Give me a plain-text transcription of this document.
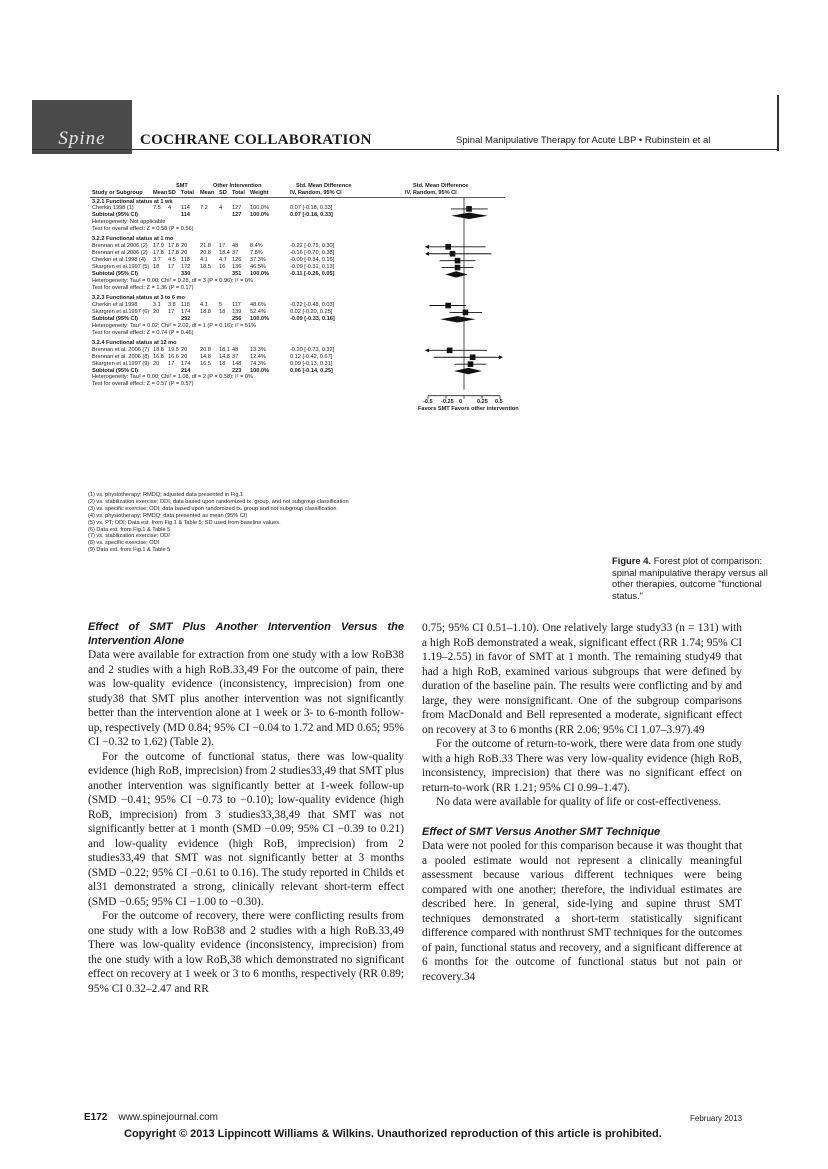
Spine COCHRANE COLLABORATION	Spinal Manipulative Therapy for Acute LBP • Rubinstein et al
SMT	Other Intervention	Std. Mean Difference	Std. Mean Difference
Study or Subgroup Mean SD Total Mean SD Total Weight	IV, Random, 95% CI	IV, Random, 95% CI
3.2.1 Functional status at 1 wk
Cherkin 1998 (1)	7.5 4 114 7.2 4 127 100.0%	0.07 [-0.18, 0.33]
Subtotal (95% CI)	114	127 100.0%	0.07 [-0.18, 0.33]
Heterogeneity: Not applicable
Test for overall effect: Z = 0.58 (P = 0.56)
3.2.2 Functional status at 1 mo
Brennan et al.2006 (2) 17.9 17.8 20 21.8 17 48 8.4%	-0.22 [-0.75, 0.30]
Brennan et al.2006 (2) 17.8 17.8 20 20.8 18.4 37 7.8%	-0.16 [-0.70, 0.38]
Cherkin et al.1998 (4) 3.7 4.5 118 4.1 4.7 126 37.3%	-0.09 [-0.34, 0.16]
Skargren et al.1997 (5) 18 17 172 18.5 16 136 46.5%	-0.09 [-0.31, 0.13]
Subtotal (95% CI)	330	351 100.0%	-0.11 [-0.26, 0.05]
Heterogeneity: Tau² = 0.00; Chi² = 0.28, df = 3 (P = 0.96); I² = 0%
Test for overall effect: Z = 1.36 (P = 0.17)
3.2.3 Functional status at 3 to 6 mo
Cherkin et al.1998	3.1 3.8 118 4.1 5 117 48.6%	-0.22 [-0.48, 0.03]
Skargren et al.1997 (6) 20 17 174 18.8 18 139 52.4%	0.02 [-0.20, 0.25]
Subtotal (95% CI)	292	256 100.0%	-0.09 [-0.33, 0.16]
Heterogeneity: Tau² = 0.02; Chi² = 2.02, df = 1 (P = 0.16); I² = 51%
Test for overall effect: Z = 0.74 (P = 0.46)
3.2.4 Functional status at 12 mo
Brennan et al. 2006 (7) 18.8 19.5 20 20.8 18.1 48 13.3%	-0.20 [-0.73, 0.32]
Brennan et al. 2006 (8) 16.8 16.6 20 14.8 14.8 37 12.4%	0.12 [-0.42, 0.67]
Skargren et al.1997 (9) 20 17 174 16.5 18 148 74.3%	0.09 [-0.13, 0.31]
Subtotal (95% CI)	214	223 100.0%	0.06 [-0.14, 0.25]
Heterogeneity: Tau² = 0.00; Chi² = 1.08, df = 2 (P = 0.58); I² = 0%
Test for overall effect: Z = 0.57 (P = 0.57)
-0.5 -0.25 0	0.25 0.5
Favors SMT Favors other intervention
(1) vs. physiotherapy; RMDQ; adjusted data presented in Fig.1
(2) vs. stabilization exercise; ODI; data based upon randomized tx. group, and not subgroup classification
(3) vs. specific exercise; ODI; data based upon randomized tx. group and not subgroup classification
(4) vs. physiotherapy; RMDQ; data presented as mean (95% CI)
(5) vs. PT; ODI; Data est. from Fig.1 & Table 5; SD used from baseline values.
(6) Data est. from Fig.1 & Table 5
(7) vs. stabilization exercise; ODI
(8) vs. specific exercise; ODI
(9) Data est. from Fig.1 & Table 5
Figure 4. Forest plot of comparison: spinal manipulative therapy versus all other therapies, outcome "functional status."
Effect of SMT Plus Another Intervention Versus the Intervention Alone

Data were available for extraction from one study with a low RoB38 and 2 studies with a high RoB.33,49 For the outcome of pain, there was low-quality evidence (inconsistency, imprecision) from one study38 that SMT plus another intervention was not significantly better than the intervention alone at 1 week or 3- to 6-month follow-up, respectively (MD 0.84; 95% CI −0.04 to 1.72 and MD 0.65; 95% CI −0.32 to 1.62) (Table 2).

For the outcome of functional status, there was low-quality evidence (high RoB, imprecision) from 2 studies33,49 that SMT plus another intervention was significantly better at 1-week follow-up (SMD −0.41; 95% CI −0.73 to −0.10); low-quality evidence (high RoB, imprecision) from 3 studies33,38,49 that SMT was not significantly better at 1 month (SMD −0.09; 95% CI −0.39 to 0.21) and low-quality evidence (high RoB, imprecision) from 2 studies33,49 that SMT was not significantly better at 3 months (SMD −0.22; 95% CI −0.61 to 0.16). The study reported in Childs et al31 demonstrated a strong, clinically relevant short-term effect (SMD −0.65; 95% CI −1.00 to −0.30).

For the outcome of recovery, there were conflicting results from one study with a low RoB38 and 2 studies with a high RoB.33,49 There was low-quality evidence (inconsistency, imprecision) from the one study with a low RoB,38 which demonstrated no significant effect on recovery at 1 week or 3 to 6 months, respectively (RR 0.89; 95% CI 0.32–2.47 and RR

0.75; 95% CI 0.51–1.10). One relatively large study33 (n = 131) with a high RoB demonstrated a weak, significant effect (RR 1.74; 95% CI 1.19–2.55) in favor of SMT at 1 month. The remaining study49 that had a high RoB, examined various subgroups that were defined by duration of the baseline pain. The results were conflicting and by and large, they were nonsignificant. One of the subgroup comparisons from MacDonald and Bell represented a moderate, significant effect on recovery at 3 to 6 months (RR 2.06; 95% CI 1.07–3.97).49

For the outcome of return-to-work, there were data from one study with a high RoB.33 There was very low-quality evidence (high RoB, inconsistency, imprecision) that there was no significant effect on return-to-work (RR 1.21; 95% CI 0.99–1.47).

No data were available for quality of life or cost-effectiveness.

Effect of SMT Versus Another SMT Technique

Data were not pooled for this comparison because it was thought that a pooled estimate would not represent a clinically meaningful assessment because various different techniques were being compared with one another; therefore, the individual estimates are described here. In general, side-lying and supine thrust SMT techniques demonstrated a short-term statistically significant difference compared with nonthrust SMT techniques for the outcomes of pain, functional status and recovery, and a significant difference at 6 months for the outcome of functional status but not pain or recovery.34

E172 www.spinejournal.com	February 2013
Copyright © 2013 Lippincott Williams & Wilkins. Unauthorized reproduction of this article is prohibited.
